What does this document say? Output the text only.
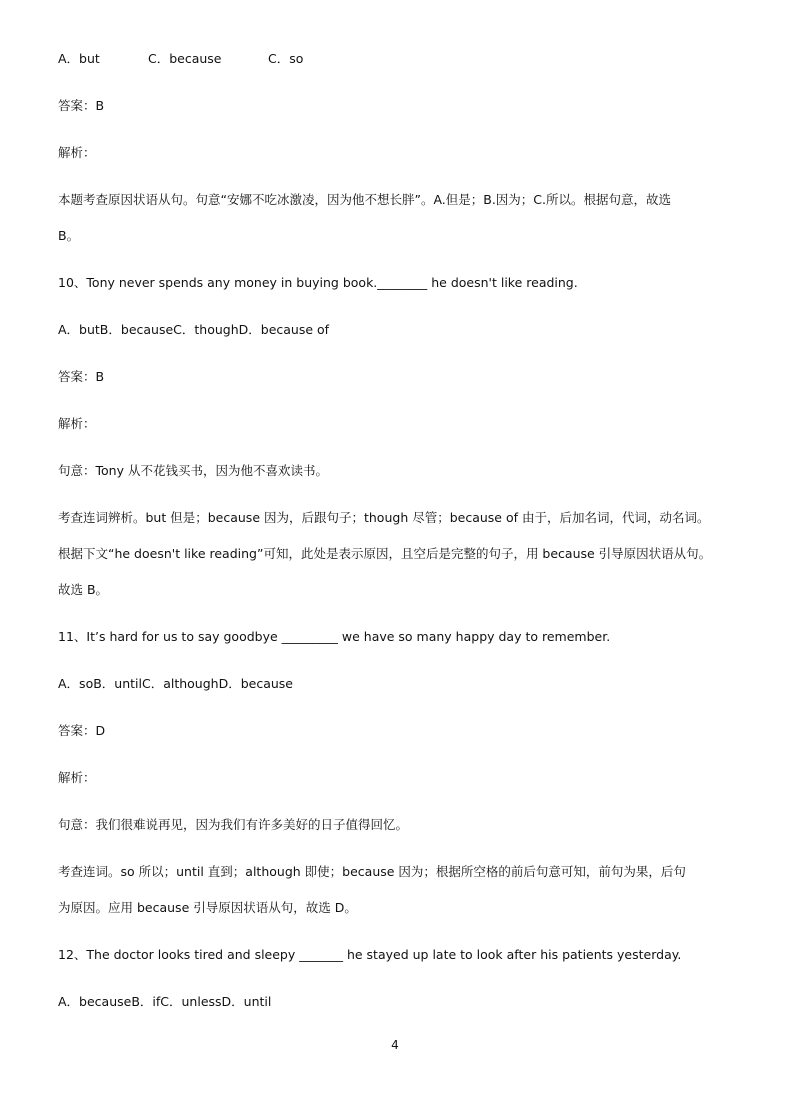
A．but	C．because	C．so
答案：B
解析：
本题考查原因状语从句。句意“安娜不吃冰激凌，因为他不想长胖”。A.但是；B.因为；C.所以。根据句意，故选
B。
10、Tony never spends any money in buying book.________ he doesn't like reading.
A．butB．becauseC．thoughD．because of
答案：B
解析：
句意：Tony 从不花钱买书，因为他不喜欢读书。
考查连词辨析。but 但是；because 因为，后跟句子；though 尽管；because of 由于，后加名词，代词，动名词。
根据下文“he doesn't like reading”可知，此处是表示原因，且空后是完整的句子，用 because 引导原因状语从句。
故选 B。
11、It’s hard for us to say goodbye _________ we have so many happy day to remember.
A．soB．untilC．althoughD．because
答案：D
解析：
句意：我们很难说再见，因为我们有许多美好的日子值得回忆。
考查连词。so 所以；until 直到；although 即使；because 因为；根据所空格的前后句意可知，前句为果，后句
为原因。应用 because 引导原因状语从句，故选 D。
12、The doctor looks tired and sleepy _______ he stayed up late to look after his patients yesterday.
A．becauseB．ifC．unlessD．until
4
